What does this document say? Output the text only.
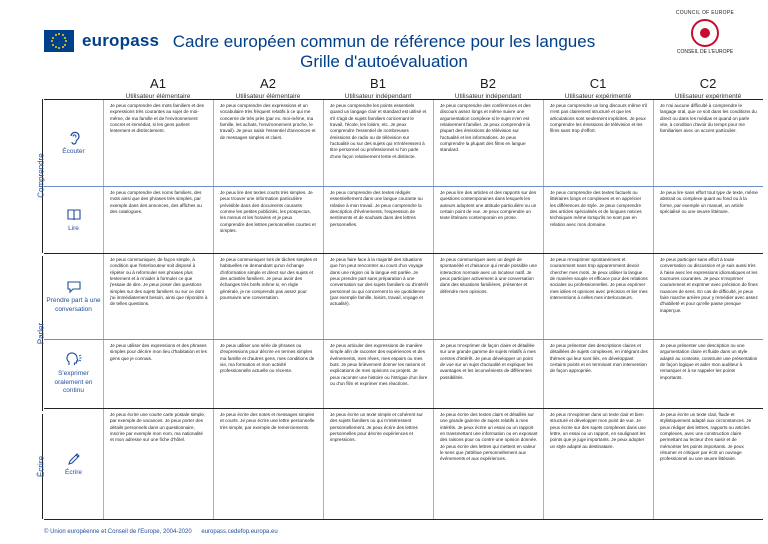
europass
COUNCIL OF EUROPE
CONSEIL DE L'EUROPE
Cadre européen commun de référence pour les langues
Grille d'autoévaluation
A1
Utilisateur élémentaire
A2
Utilisateur élémentaire
B1
Utilisateur indépendant
B2
Utilisateur indépendant
C1
Utilisateur expérimenté
C2
Utilisateur expérimenté
Comprendre
Parler
Écrire
Écouter
Je peux comprendre des mots familiers et des expressions très courantes au sujet de moi-même, de ma famille et de l'environnement concret et immédiat, si les gens parlent lentement et distinctement.
Je peux comprendre des expressions et un vocabulaire très fréquent relatifs à ce qui me concerne de très près (par ex. moi-même, ma famille, les achats, l'environnement proche, le travail). Je peux saisir l'essentiel d'annonces et de messages simples et clairs.
Je peux comprendre les points essentiels quand un langage clair et standard est utilisé et s'il s'agit de sujets familiers concernant le travail, l'école, les loisirs, etc. Je peux comprendre l'essentiel de nombreuses émissions de radio ou de télévision sur l'actualité ou sur des sujets qui m'intéressent à titre personnel ou professionnel si l'on parle d'une façon relativement lente et distincte.
Je peux comprendre des conférences et des discours assez longs et même suivre une argumentation complexe si le sujet m'en est relativement familier. Je peux comprendre la plupart des émissions de télévision sur l'actualité et les informations. Je peux comprendre la plupart des films en langue standard.
Je peux comprendre un long discours même s'il n'est pas clairement structuré et que les articulations sont seulement implicites. Je peux comprendre les émissions de télévision et les films sans trop d'effort.
Je n'ai aucune difficulté à comprendre le langage oral, que ce soit dans les conditions du direct ou dans les médias et quand on parle vite, à condition d'avoir du temps pour me familiariser avec un accent particulier.
Lire
Je peux comprendre des noms familiers, des mots ainsi que des phrases très simples, par exemple dans des annonces, des affiches ou des catalogues.
Je peux lire des textes courts très simples. Je peux trouver une information particulière prévisible dans des documents courants comme les petites publicités, les prospectus, les menus et les horaires et je peux comprendre des lettres personnelles courtes et simples.
Je peux comprendre des textes rédigés essentiellement dans une langue courante ou relative à mon travail. Je peux comprendre la description d'événements, l'expression de sentiments et de souhaits dans des lettres personnelles.
Je peux lire des articles et des rapports sur des questions contemporaines dans lesquels les auteurs adoptent une attitude particulière ou un certain point de vue. Je peux comprendre un texte littéraire contemporain en prose.
Je peux comprendre des textes factuels ou littéraires longs et complexes et en apprécier les différences de style. Je peux comprendre des articles spécialisés et de longues notices techniques même lorsqu'ils ne sont pas en relation avec mon domaine.
Je peux lire sans effort tout type de texte, même abstrait ou complexe quant au fond ou à la forme, par exemple un manuel, un article spécialisé ou une œuvre littéraire.
Prendre part à une conversation
Je peux communiquer, de façon simple, à condition que l'interlocuteur soit disposé à répéter ou à reformuler ses phrases plus lentement et à m'aider à formuler ce que j'essaie de dire. Je peux poser des questions simples sur des sujets familiers ou sur ce dont j'ai immédiatement besoin, ainsi que répondre à de telles questions.
Je peux communiquer lors de tâches simples et habituelles ne demandant qu'un échange d'information simple et direct sur des sujets et des activités familiers. Je peux avoir des échanges très brefs même si, en règle générale, je ne comprends pas assez pour poursuivre une conversation.
Je peux faire face à la majorité des situations que l'on peut rencontrer au cours d'un voyage dans une région où la langue est parlée. Je peux prendre part sans préparation à une conversation sur des sujets familiers ou d'intérêt personnel ou qui concernent la vie quotidienne (par exemple famille, loisirs, travail, voyage et actualité).
Je peux communiquer avec un degré de spontanéité et d'aisance qui rende possible une interaction normale avec un locuteur natif. Je peux participer activement à une conversation dans des situations familières, présenter et défendre mes opinions.
Je peux m'exprimer spontanément et couramment sans trop apparemment devoir chercher mes mots. Je peux utiliser la langue de manière souple et efficace pour des relations sociales ou professionnelles. Je peux exprimer mes idées et opinions avec précision et lier mes interventions à celles mes interlocuteurs.
Je peux participer sans effort à toute conversation ou discussion et je suis aussi très à l'aise avec les expressions idiomatiques et les tournures courantes. Je peux m'exprimer couramment et exprimer avec précision de fines nuances de sens. En cas de difficulté, je peux faire marche arrière pour y remédier avec assez d'habileté et pour qu'elle passe presque inaperçue.
S'exprimer oralement en continu
Je peux utiliser des expressions et des phrases simples pour décrire mon lieu d'habitation et les gens que je connais.
Je peux utiliser une série de phrases ou d'expressions pour décrire en termes simples ma famille et d'autres gens, mes conditions de vie, ma formation et mon activité professionnelle actuelle ou récente.
Je peux articuler des expressions de manière simple afin de raconter des expériences et des événements, mes rêves, mes espoirs ou mes buts. Je peux brièvement donner les raisons et explications de mes opinions ou projets. Je peux raconter une histoire ou l'intrigue d'un livre ou d'un film et exprimer mes réactions.
Je peux m'exprimer de façon claire et détaillée sur une grande gamme de sujets relatifs à mes centres d'intérêt. Je peux développer un point de vue sur un sujet d'actualité et expliquer les avantages et les inconvénients de différentes possibilités.
Je peux présenter des descriptions claires et détaillées de sujets complexes, en intégrant des thèmes qui leur sont liés, en développant certains points et en terminant mon intervention de façon appropriée.
Je peux présenter une description ou une argumentation claire et fluide dans un style adapté au contexte, construire une présentation de façon logique et aider mon auditeur à remarquer et à se rappeler les points importants.
Écrire
Je peux écrire une courte carte postale simple, par exemple de vacances. Je peux porter des détails personnels dans un questionnaire, inscrire par exemple mon nom, ma nationalité et mon adresse sur une fiche d'hôtel.
Je peux écrire des notes et messages simples et courts. Je peux écrire une lettre personnelle très simple, par exemple de remerciements.
Je peux écrire un texte simple et cohérent sur des sujets familiers ou qui m'intéressent personnellement. Je peux écrire des lettres personnelles pour décrire expériences et impressions.
Je peux écrire des textes clairs et détaillés sur une grande gamme de sujets relatifs à mes intérêts. Je peux écrire un essai ou un rapport en transmettant une information ou en exposant des raisons pour ou contre une opinion donnée. Je peux écrire des lettres qui mettent en valeur le sens que j'attribue personnellement aux événements et aux expériences.
Je peux m'exprimer dans un texte clair et bien structuré et développer mon point de vue. Je peux écrire sur des sujets complexes dans une lettre, un essai ou un rapport, en soulignant les points que je juge importants. Je peux adopter un style adapté au destinataire.
Je peux écrire un texte clair, fluide et stylistiquement adapté aux circonstances. Je peux rédiger des lettres, rapports ou articles complexes, avec une construction claire permettant au lecteur d'en saisir et de mémoriser les points importants. Je peux résumer et critiquer par écrit un ouvrage professionnel ou une œuvre littéraire.
© Union européenne et Conseil de l'Europe, 2004-2020 europass.cedefop.europa.eu
